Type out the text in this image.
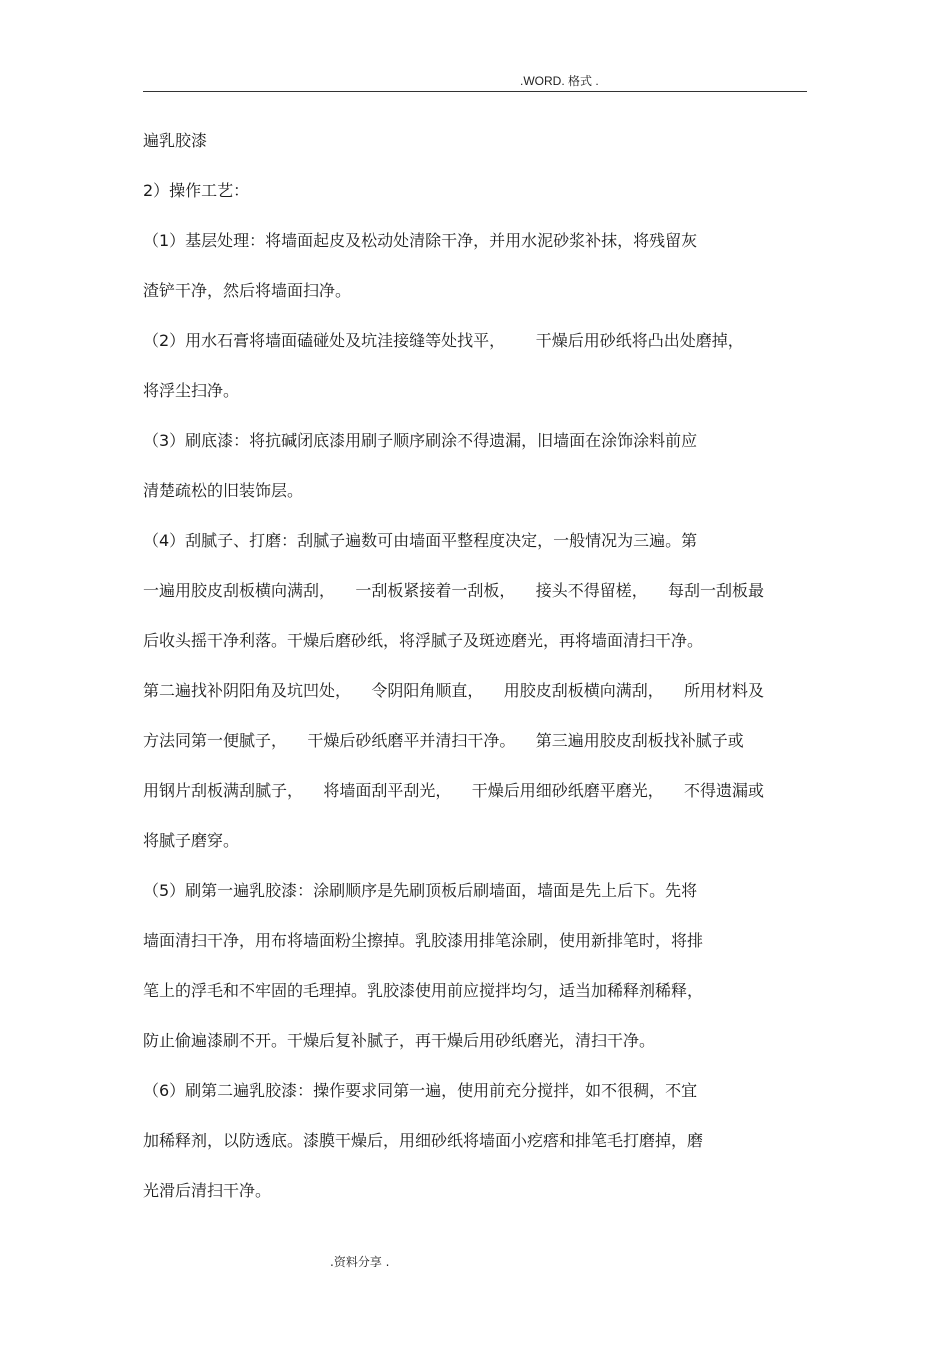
.WORD. 格式 .
遍乳胶漆
2）操作工艺：
（1）基层处理：将墙面起皮及松动处清除干净，并用水泥砂浆补抹，将残留灰
渣铲干净，然后将墙面扫净。
（2）用水石膏将墙面磕碰处及坑洼接缝等处找平，      干燥后用砂纸将凸出处磨掉，
将浮尘扫净。
（3）刷底漆：将抗碱闭底漆用刷子顺序刷涂不得遗漏，旧墙面在涂饰涂料前应
清楚疏松的旧装饰层。
（4）刮腻子、打磨：刮腻子遍数可由墙面平整程度决定，一般情况为三遍。第
一遍用胶皮刮板横向满刮，    一刮板紧接着一刮板，    接头不得留槎，    每刮一刮板最
后收头摇干净利落。干燥后磨砂纸，将浮腻子及斑迹磨光，再将墙面清扫干净。
第二遍找补阴阳角及坑凹处，    令阴阳角顺直，    用胶皮刮板横向满刮，    所用材料及
方法同第一便腻子，    干燥后砂纸磨平并清扫干净。    第三遍用胶皮刮板找补腻子或
用钢片刮板满刮腻子，    将墙面刮平刮光，    干燥后用细砂纸磨平磨光，    不得遗漏或
将腻子磨穿。
（5）刷第一遍乳胶漆：涂刷顺序是先刷顶板后刷墙面，墙面是先上后下。先将
墙面清扫干净，用布将墙面粉尘擦掉。乳胶漆用排笔涂刷，使用新排笔时，将排
笔上的浮毛和不牢固的毛理掉。乳胶漆使用前应搅拌均匀，适当加稀释剂稀释，
防止偷遍漆刷不开。干燥后复补腻子，再干燥后用砂纸磨光，清扫干净。
（6）刷第二遍乳胶漆：操作要求同第一遍，使用前充分搅拌，如不很稠，不宜
加稀释剂，以防透底。漆膜干燥后，用细砂纸将墙面小疙瘩和排笔毛打磨掉，磨
光滑后清扫干净。
.资料分享 .
